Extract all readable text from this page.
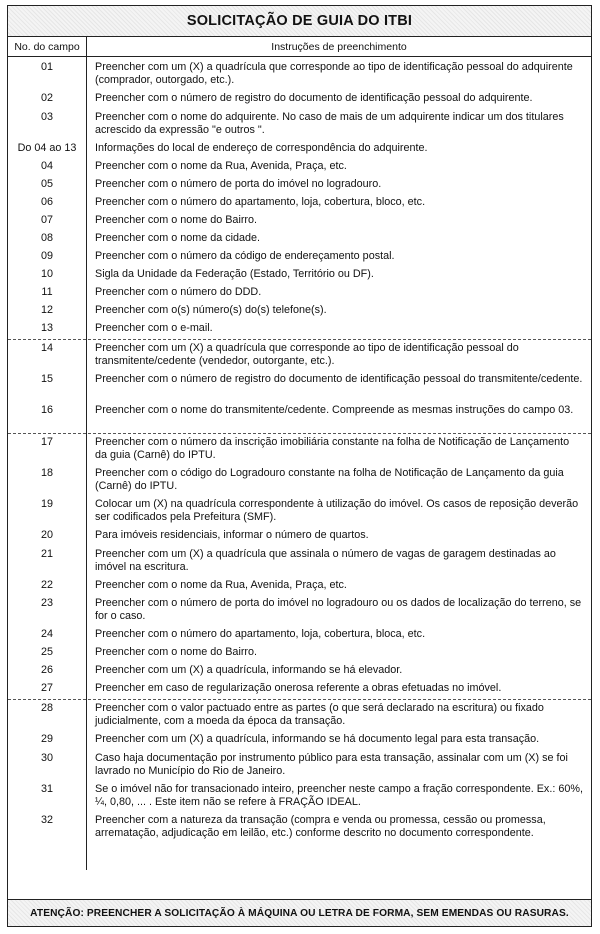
SOLICITAÇÃO DE GUIA DO ITBI
No. do campo	Instruções de preenchimento
01	Preencher com um (X) a quadrícula que corresponde ao tipo de identificação pessoal do adquirente (comprador, outorgado, etc.).
02	Preencher com o número de registro do documento de identificação pessoal do adquirente.
03	Preencher com o nome do adquirente. No caso de mais de um adquirente indicar um dos titulares acrescido da expressão "e outros ".
Do 04 ao 13	Informações do local de endereço de correspondência do adquirente.
04	Preencher com o nome da Rua, Avenida, Praça, etc.
05	Preencher com o número de porta do imóvel no logradouro.
06	Preencher com o número do apartamento, loja, cobertura, bloco, etc.
07	Preencher com o nome do Bairro.
08	Preencher com o nome da cidade.
09	Preencher com o número da código de endereçamento postal.
10	Sigla da Unidade da Federação (Estado, Território ou DF).
11	Preencher com o número do DDD.
12	Preencher com o(s) número(s) do(s) telefone(s).
13	Preencher com o e-mail.
14	Preencher com um (X) a quadrícula que corresponde ao tipo de identificação pessoal do transmitente/cedente (vendedor, outorgante, etc.).
15	Preencher com o número de registro do documento de identificação pessoal do transmitente/cedente.
16	Preencher com o nome do transmitente/cedente. Compreende as mesmas instruções do campo 03.
17	Preencher com o número da inscrição imobiliária constante na folha de Notificação de Lançamento da guia (Carnê) do IPTU.
18	Preencher com o código do Logradouro constante na folha de Notificação de Lançamento da guia (Carnê) do IPTU.
19	Colocar um (X) na quadrícula correspondente à utilização do imóvel. Os casos de reposição deverão ser codificados pela Prefeitura (SMF).
20	Para imóveis residenciais, informar o número de quartos.
21	Preencher com um (X) a quadrícula que assinala o número de vagas de garagem destinadas ao imóvel na escritura.
22	Preencher com o nome da Rua, Avenida, Praça, etc.
23	Preencher com o número de porta do imóvel no logradouro ou os dados de localização do terreno, se for o caso.
24	Preencher com o número do apartamento, loja, cobertura, bloca, etc.
25	Preencher com o nome do Bairro.
26	Preencher com um (X) a quadrícula, informando se há elevador.
27	Preencher em caso de regularização onerosa referente a obras efetuadas no imóvel.
28	Preencher com o valor pactuado entre as partes (o que será declarado na escritura) ou fixado judicialmente, com a moeda da época da transação.
29	Preencher com um (X) a quadrícula, informando se há documento legal para esta transação.
30	Caso haja documentação por instrumento público para esta transação, assinalar com um (X) se foi lavrado no Município do Rio de Janeiro.
31	Se o imóvel não for transacionado inteiro, preencher neste campo a fração correspondente. Ex.: 60%, ¼, 0,80, ... . Este item não se refere à FRAÇÃO IDEAL.
32	Preencher com a natureza da transação (compra e venda ou promessa, cessão ou promessa, arrematação, adjudicação em leilão, etc.) conforme descrito no documento correspondente.
ATENÇÃO: PREENCHER A SOLICITAÇÃO À MÁQUINA OU LETRA DE FORMA, SEM EMENDAS OU RASURAS.
